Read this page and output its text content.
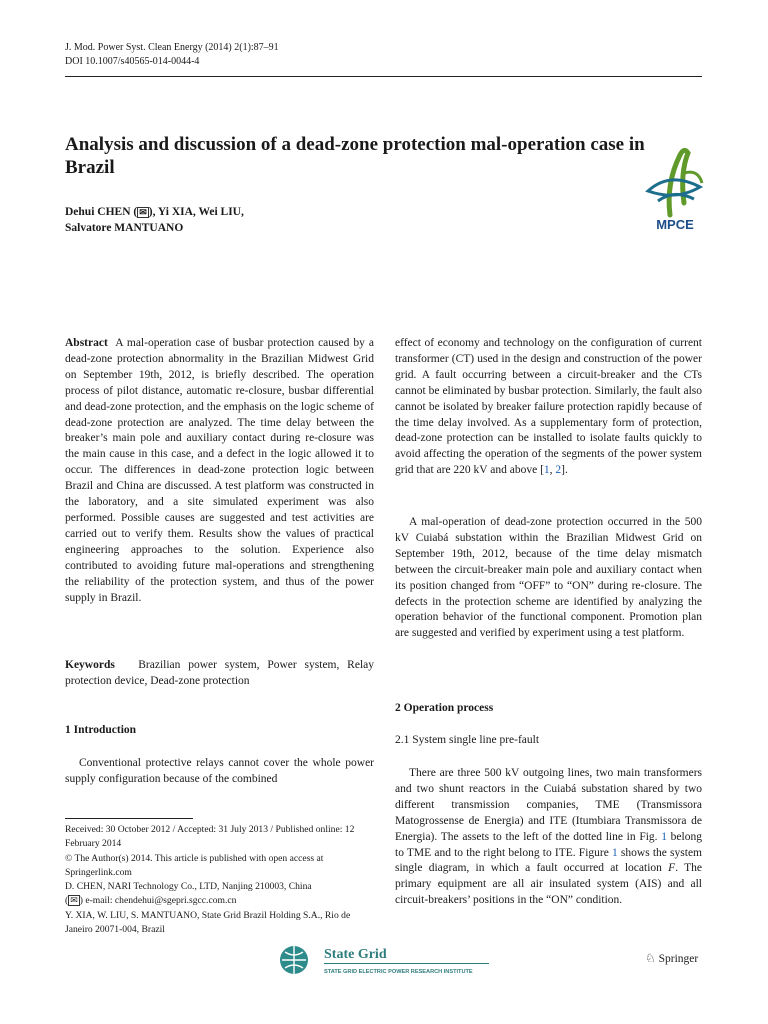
J. Mod. Power Syst. Clean Energy (2014) 2(1):87–91
DOI 10.1007/s40565-014-0044-4
Analysis and discussion of a dead-zone protection mal-operation case in Brazil
Dehui CHEN ( ✉ ), Yi XIA, Wei LIU,
Salvatore MANTUANO	MPCE
Abstract A mal-operation case of busbar protection caused by a dead-zone protection abnormality in the Brazilian Midwest Grid on September 19th, 2012, is briefly described. The operation process of pilot distance, automatic re-closure, busbar differential and dead-zone protection, and the emphasis on the logic scheme of dead-zone protection are analyzed. The time delay between the breaker’s main pole and auxiliary contact during re-closure was the main cause in this case, and a defect in the logic allowed it to occur. The differences in dead-zone protection logic between Brazil and China are discussed. A test platform was constructed in the laboratory, and a site simulated experiment was also performed. Possible causes are suggested and test activities are carried out to verify them. Results show the values of practical engineering approaches to the solution. Experience also contributed to avoiding future mal-operations and strengthening the reliability of the protection system, and thus of the power supply in Brazil.
Keywords Brazilian power system, Power system, Relay protection device, Dead-zone protection
1 Introduction

Conventional protective relays cannot cover the whole power supply configuration because of the combined

Received: 30 October 2012 / Accepted: 31 July 2013 / Published online: 12 February 2014
© The Author(s) 2014. This article is published with open access at Springerlink.com
D. CHEN, NARI Technology Co., LTD, Nanjing 210003, China
( ✉ ) e-mail: chendehui@sgepri.sgcc.com.cn
Y. XIA, W. LIU, S. MANTUANO, State Grid Brazil Holding S.A., Rio de Janeiro 20071-004, Brazil
effect of economy and technology on the configuration of current transformer (CT) used in the design and construction of the power grid. A fault occurring between a circuit-breaker and the CTs cannot be eliminated by busbar protection. Similarly, the fault also cannot be isolated by breaker failure protection rapidly because of the time delay involved. As a supplementary form of protection, dead-zone protection can be installed to isolate faults quickly to avoid affecting the operation of the segments of the power system grid that are 220 kV and above [1, 2].

A mal-operation of dead-zone protection occurred in the 500 kV Cuiabá substation within the Brazilian Midwest Grid on September 19th, 2012, because of the time delay mismatch between the circuit-breaker main pole and auxiliary contact when its position changed from “OFF” to “ON” during re-closure. The defects in the protection scheme are identified by analyzing the operation behavior of the functional component. Promotion plan are suggested and verified by experiment using a test platform.

2 Operation process
2.1 System single line pre-fault

There are three 500 kV outgoing lines, two main transformers and two shunt reactors in the Cuiabá substation shared by two different transmission companies, TME (Transmissora Matogrossense de Energia) and ITE (Itumbiara Transmissora de Energia). The assets to the left of the dotted line in Fig. 1 belong to TME and to the right belong to ITE. Figure 1 shows the system single diagram, in which a fault occurred at location F. The primary equipment are all air insulated system (AIS) and all circuit-breakers’ positions in the “ON” condition.

State Grid
STATE GRID ELECTRIC POWER RESEARCH INSTITUTE
♘ Springer
